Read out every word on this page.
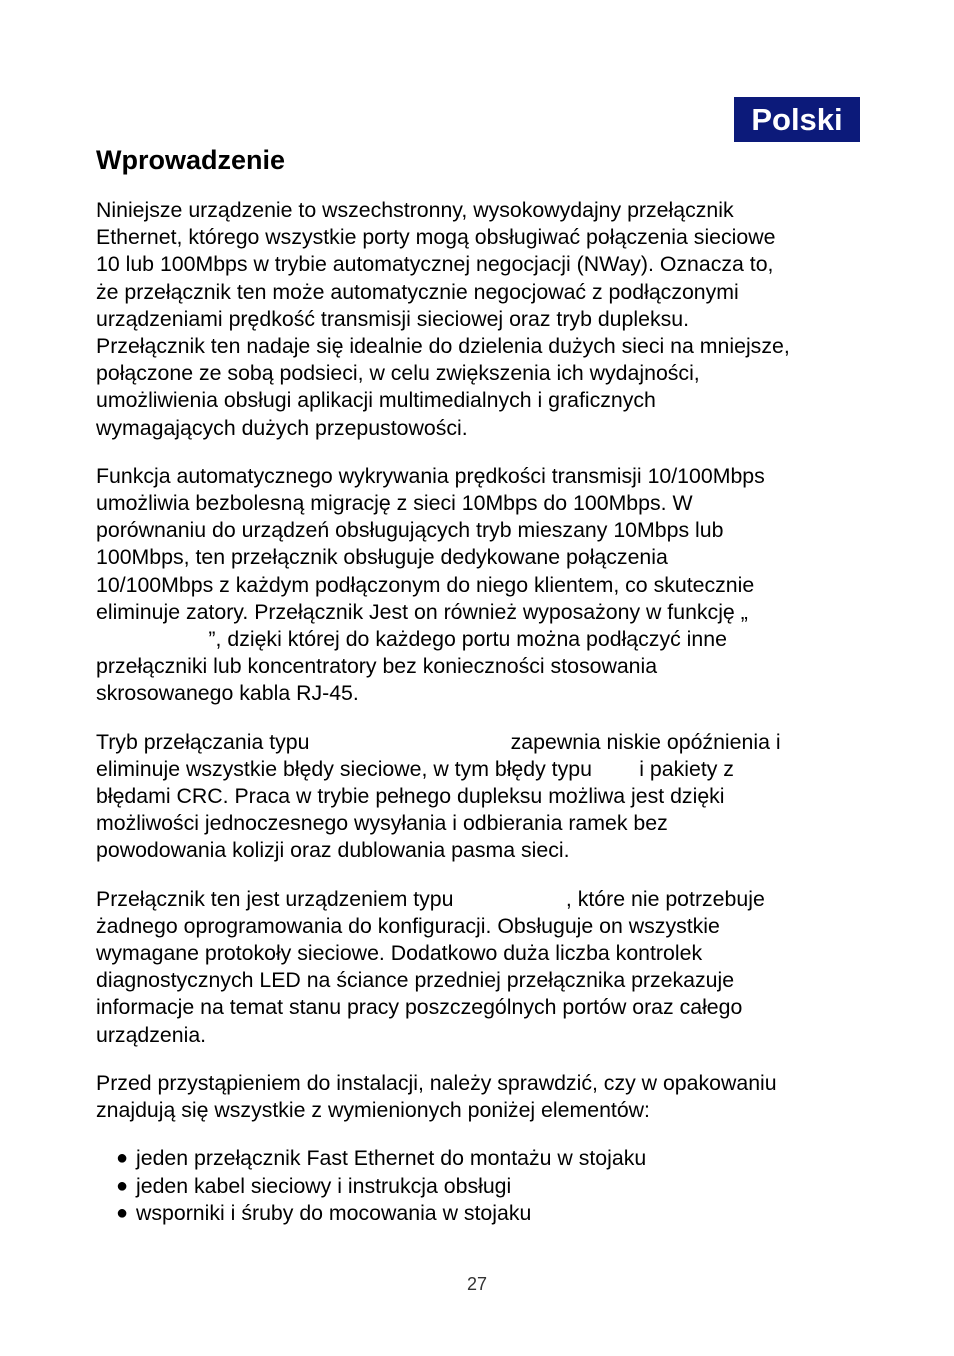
Polski
Wprowadzenie
Niniejsze urządzenie to wszechstronny, wysokowydajny przełącznik
Ethernet, którego wszystkie porty mogą obsługiwać połączenia sieciowe
10 lub 100Mbps w trybie automatycznej negocjacji (NWay). Oznacza to,
że przełącznik ten może automatycznie negocjować z podłączonymi
urządzeniami prędkość transmisji sieciowej oraz tryb dupleksu.
Przełącznik ten nadaje się idealnie do dzielenia dużych sieci na mniejsze,
połączone ze sobą podsieci, w celu zwiększenia ich wydajności,
umożliwienia obsługi aplikacji multimedialnych i graficznych
wymagających dużych przepustowości.
Funkcja automatycznego wykrywania prędkości transmisji 10/100Mbps
umożliwia bezbolesną migrację z sieci 10Mbps do 100Mbps. W
porównaniu do urządzeń obsługujących tryb mieszany 10Mbps lub
100Mbps, ten przełącznik obsługuje dedykowane połączenia
10/100Mbps z każdym podłączonym do niego klientem, co skutecznie
eliminuje zatory. Przełącznik Jest on również wyposażony w funkcję „
”, dzięki której do każdego portu można podłączyć inne
przełączniki lub koncentratory bez konieczności stosowania
skrosowanego kabla RJ-45.
Tryb przełączania typu                                  zapewnia niskie opóźnienia i
eliminuje wszystkie błędy sieciowe, w tym błędy typu        i pakiety z
błędami CRC. Praca w trybie pełnego dupleksu możliwa jest dzięki
możliwości jednoczesnego wysyłania i odbierania ramek bez
powodowania kolizji oraz dublowania pasma sieci.
Przełącznik ten jest urządzeniem typu                   , które nie potrzebuje
żadnego oprogramowania do konfiguracji. Obsługuje on wszystkie
wymagane protokoły sieciowe. Dodatkowo duża liczba kontrolek
diagnostycznych LED na ściance przedniej przełącznika przekazuje
informacje na temat stanu pracy poszczególnych portów oraz całego
urządzenia.
Przed przystąpieniem do instalacji, należy sprawdzić, czy w opakowaniu
znajdują się wszystkie z wymienionych poniżej elementów:
● jeden przełącznik Fast Ethernet do montażu w stojaku
● jeden kabel sieciowy i instrukcja obsługi
● wsporniki i śruby do mocowania w stojaku
27
